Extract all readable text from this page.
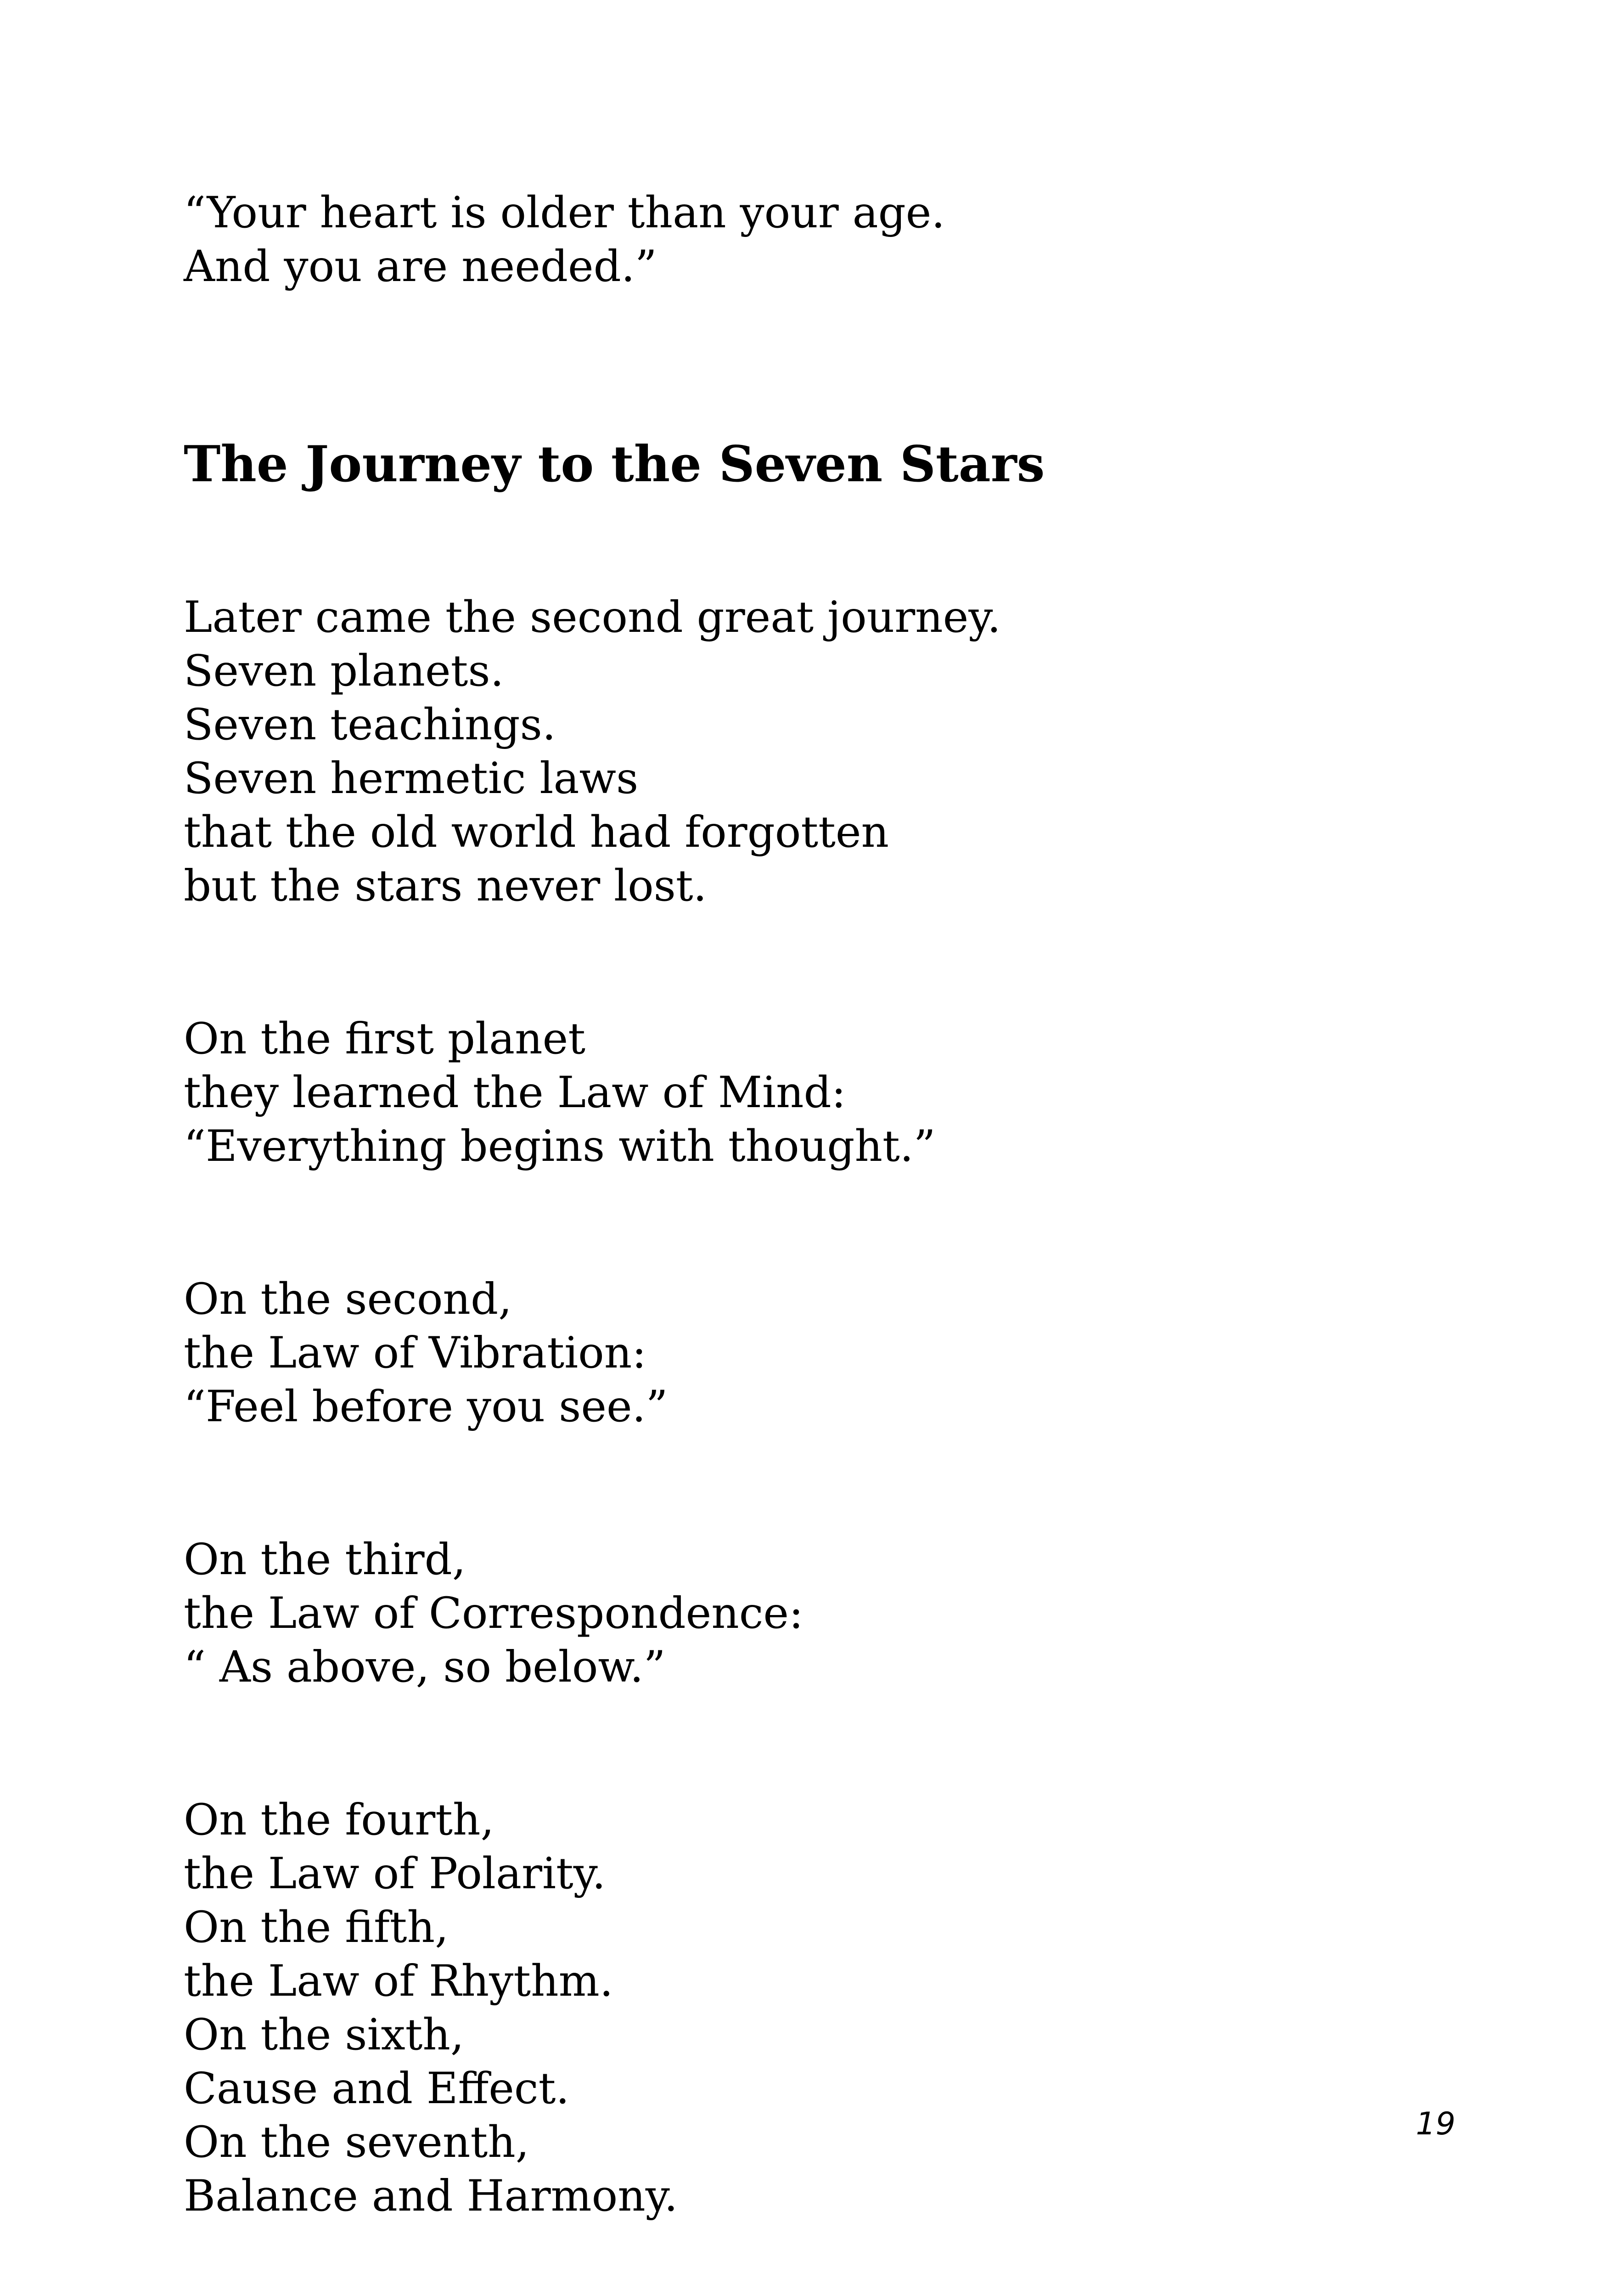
“Your heart is older than your age.

And you are needed.”

The Journey to the Seven Stars

Later came the second great journey.

Seven planets.

Seven teachings.

Seven hermetic laws

that the old world had forgotten

but the stars never lost.

On the first planet

they learned the Law of Mind:

“Everything begins with thought.”

On the second,

the Law of Vibration:

“Feel before you see.”

On the third,

the Law of Correspondence:

“ As above, so below.”

On the fourth,

the Law of Polarity.

On the fifth,

the Law of Rhythm.

On the sixth,

Cause and Effect.

On the seventh,

Balance and Harmony.

19
